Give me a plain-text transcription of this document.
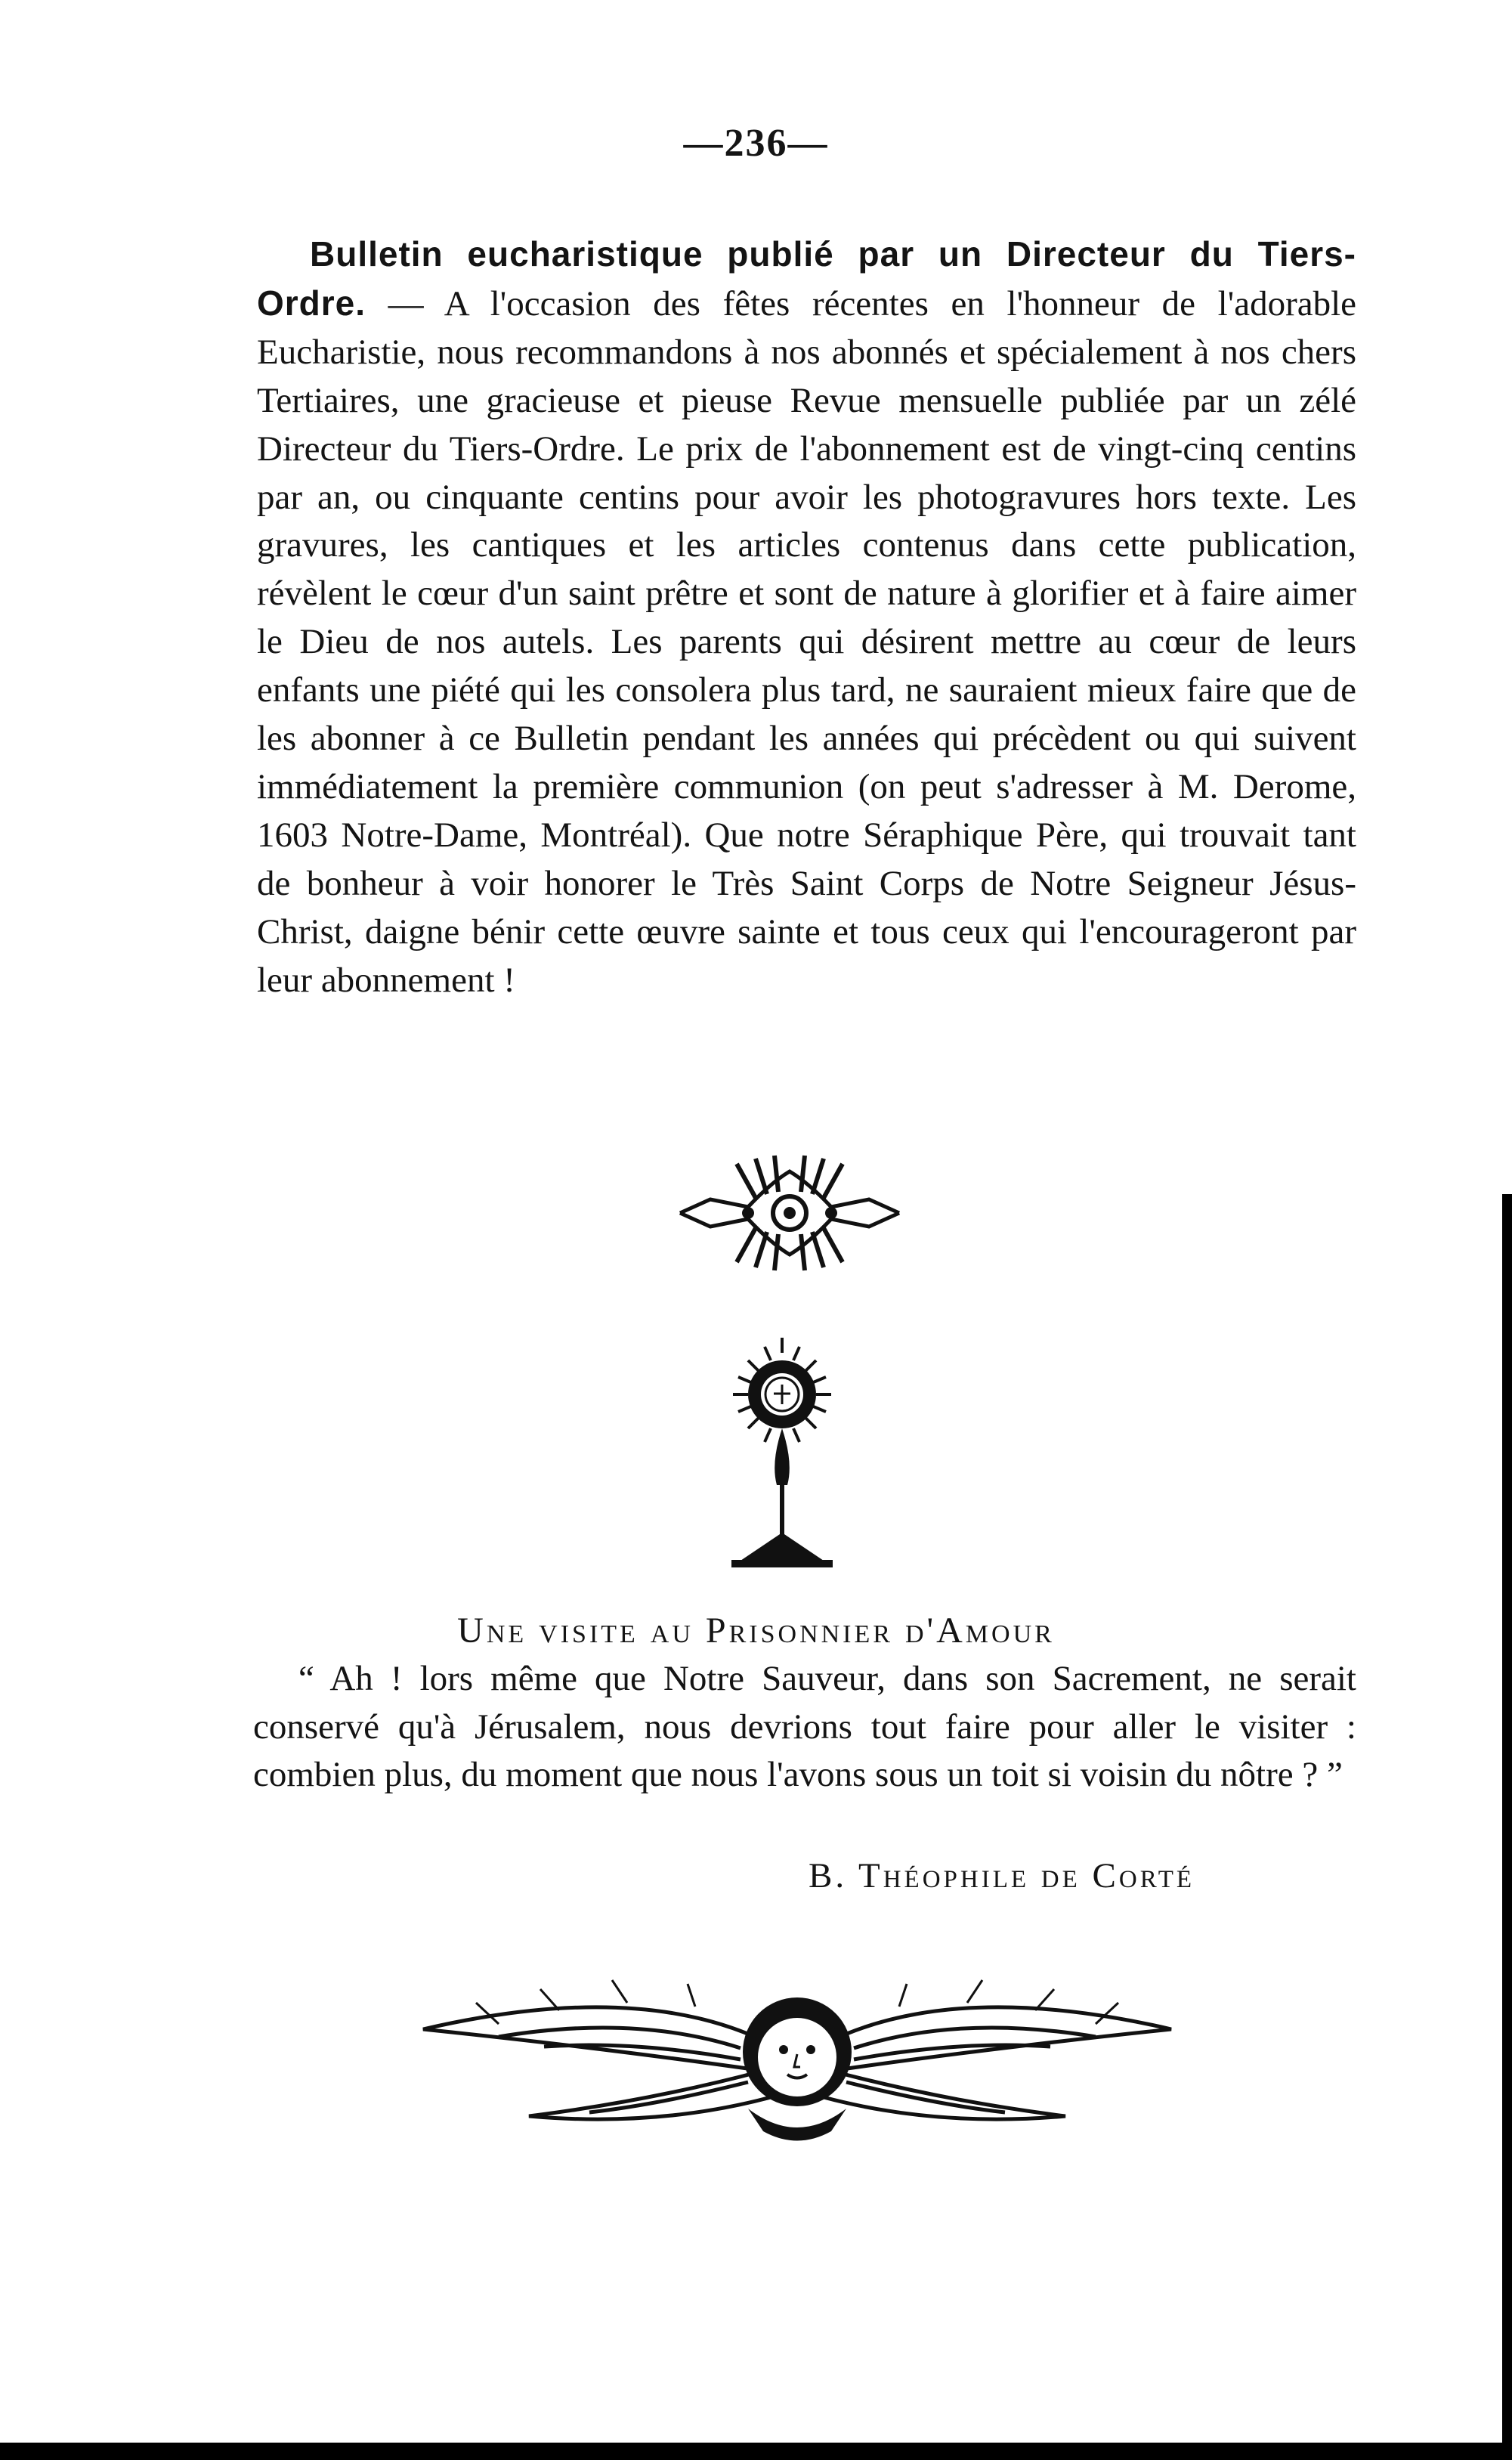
—236—

Bulletin eucharistique publié par un Directeur du Tiers-Ordre. — A l'occasion des fêtes récentes en l'honneur de l'adorable Eucharistie, nous recommandons à nos abonnés et spécialement à nos chers Tertiaires, une gracieuse et pieuse Revue mensuelle publiée par un zélé Directeur du Tiers-Ordre. Le prix de l'abonnement est de vingt-cinq centins par an, ou cinquante centins pour avoir les photogravures hors texte. Les gravures, les cantiques et les articles contenus dans cette publication, révèlent le cœur d'un saint prêtre et sont de nature à glorifier et à faire aimer le Dieu de nos autels. Les parents qui désirent mettre au cœur de leurs enfants une piété qui les consolera plus tard, ne sauraient mieux faire que de les abonner à ce Bulletin pendant les années qui précèdent ou qui suivent immédiatement la première communion (on peut s'adresser à M. Derome, 1603 Notre-Dame, Montréal). Que notre Séraphique Père, qui trouvait tant de bonheur à voir honorer le Très Saint Corps de Notre Seigneur Jésus-Christ, daigne bénir cette œuvre sainte et tous ceux qui l'encourageront par leur abonnement !

Une visite au Prisonnier d'Amour

“ Ah ! lors même que Notre Sauveur, dans son Sacrement, ne serait conservé qu'à Jérusalem, nous devrions tout faire pour aller le visiter : combien plus, du moment que nous l'avons sous un toit si voisin du nôtre ? ”

B. Théophile de Corté
